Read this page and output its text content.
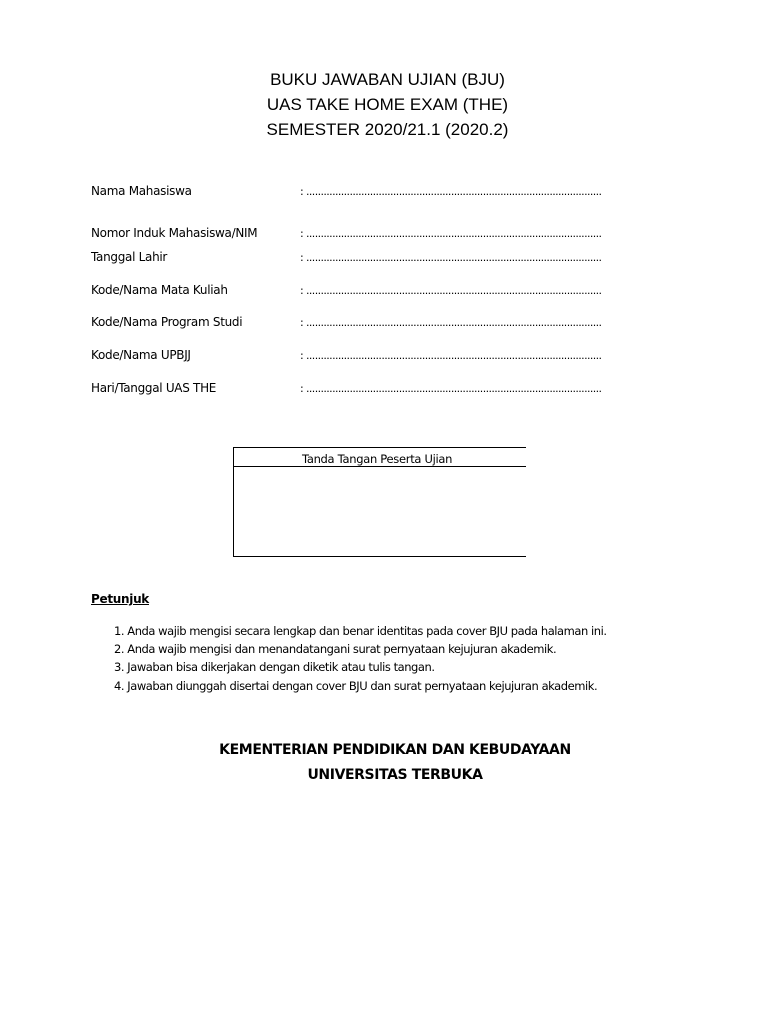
BUKU JAWABAN UJIAN (BJU)
UAS TAKE HOME EXAM (THE)
SEMESTER 2020/21.1 (2020.2)
Nama Mahasiswa	: ......................................................................................................
Nomor Induk Mahasiswa/NIM	: ......................................................................................................
Tanggal Lahir	: ......................................................................................................
Kode/Nama Mata Kuliah	: ......................................................................................................
Kode/Nama Program Studi	: ......................................................................................................
Kode/Nama UPBJJ	: ......................................................................................................
Hari/Tanggal UAS THE	: ......................................................................................................
Tanda Tangan Peserta Ujian
Petunjuk
1. Anda wajib mengisi secara lengkap dan benar identitas pada cover BJU pada halaman ini.
2. Anda wajib mengisi dan menandatangani surat pernyataan kejujuran akademik.
3. Jawaban bisa dikerjakan dengan diketik atau tulis tangan.
4. Jawaban diunggah disertai dengan cover BJU dan surat pernyataan kejujuran akademik.
KEMENTERIAN PENDIDIKAN DAN KEBUDAYAAN
UNIVERSITAS TERBUKA
